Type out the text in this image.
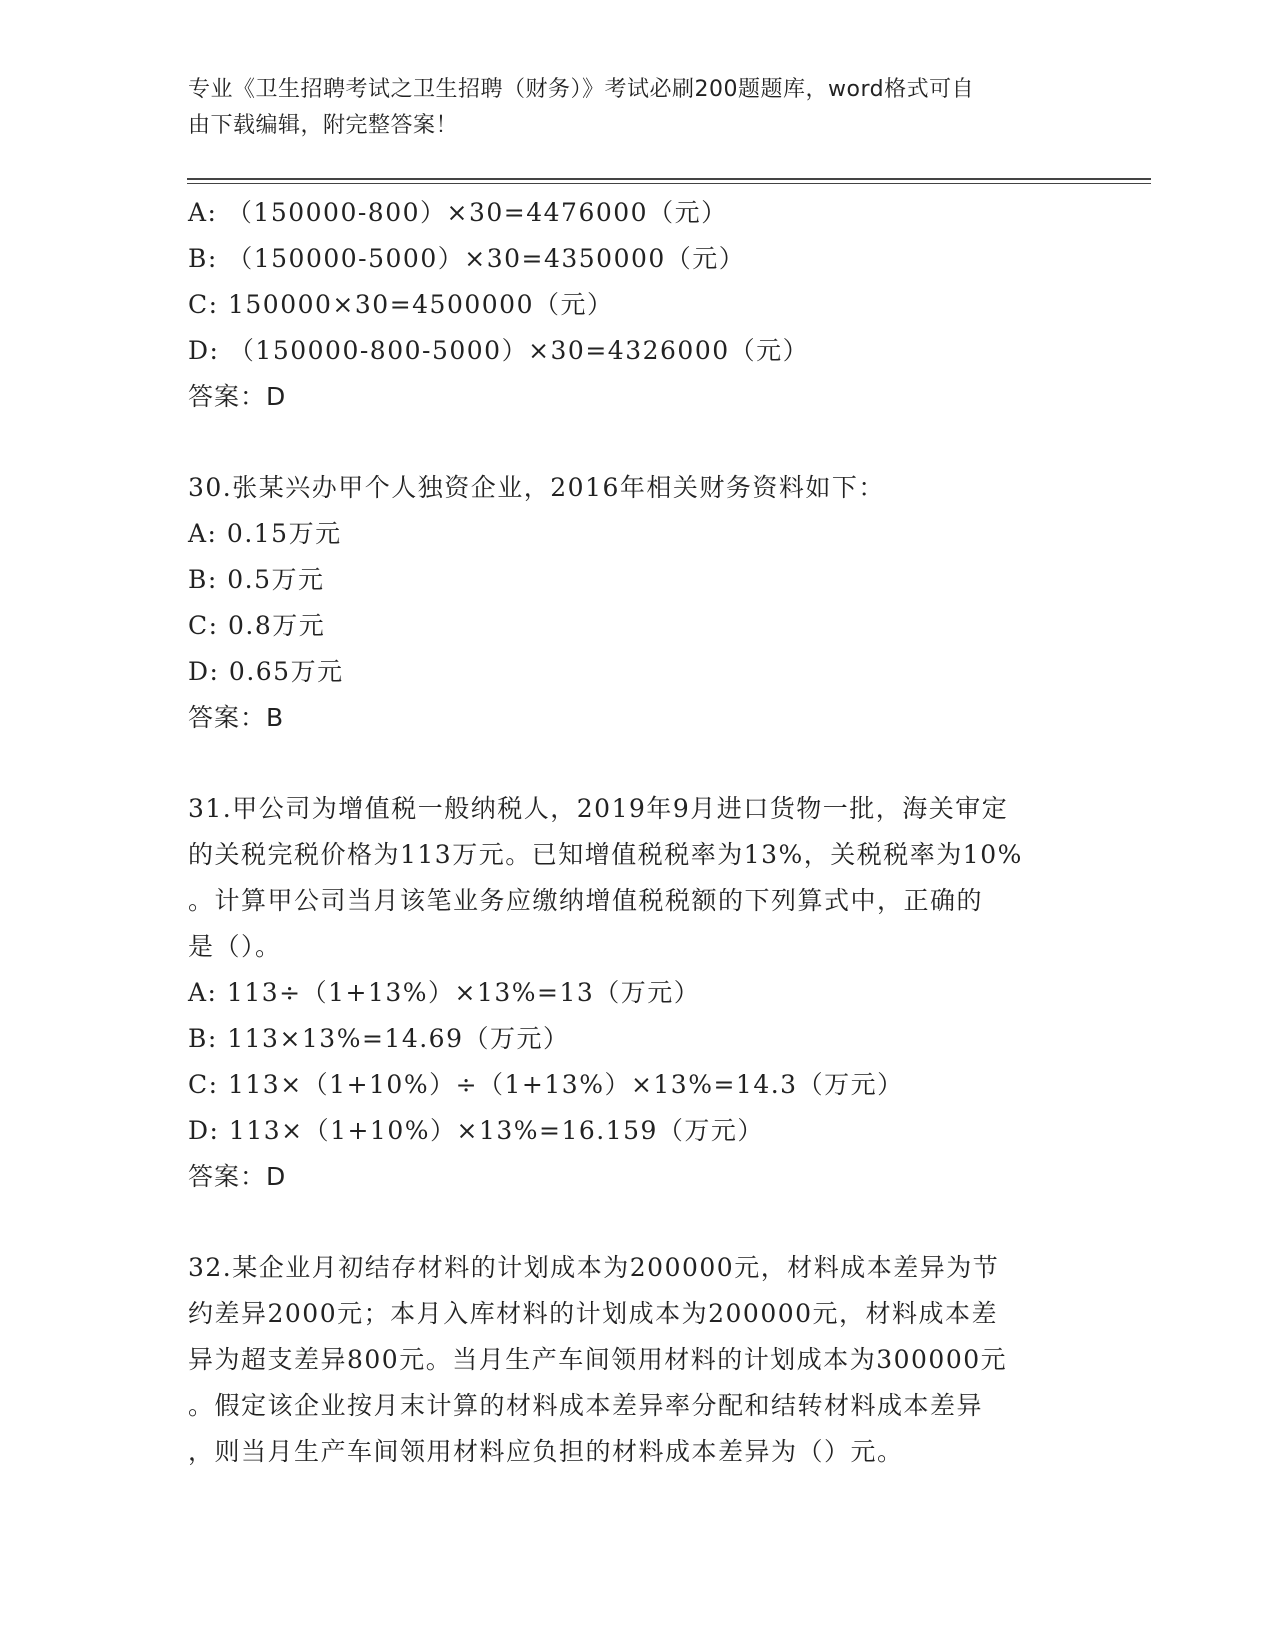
专业《卫生招聘考试之卫生招聘（财务）》考试必刷200题题库，word格式可自
由下载编辑，附完整答案！
A: （150000-800）×30=4476000（元）
B: （150000-5000）×30=4350000（元）
C: 150000×30=4500000（元）
D: （150000-800-5000）×30=4326000（元）
答案：D
30.张某兴办甲个人独资企业，2016年相关财务资料如下：
A: 0.15万元
B: 0.5万元
C: 0.8万元
D: 0.65万元
答案：B
31.甲公司为增值税一般纳税人，2019年9月进口货物一批，海关审定
的关税完税价格为113万元。已知增值税税率为13%，关税税率为10%
。计算甲公司当月该笔业务应缴纳增值税税额的下列算式中，正确的
是（）。
A: 113÷（1+13%）×13%=13（万元）
B: 113×13%=14.69（万元）
C: 113×（1+10%）÷（1+13%）×13%=14.3（万元）
D: 113×（1+10%）×13%=16.159（万元）
答案：D
32.某企业月初结存材料的计划成本为200000元，材料成本差异为节
约差异2000元；本月入库材料的计划成本为200000元，材料成本差
异为超支差异800元。当月生产车间领用材料的计划成本为300000元
。假定该企业按月末计算的材料成本差异率分配和结转材料成本差异
，则当月生产车间领用材料应负担的材料成本差异为（）元。
